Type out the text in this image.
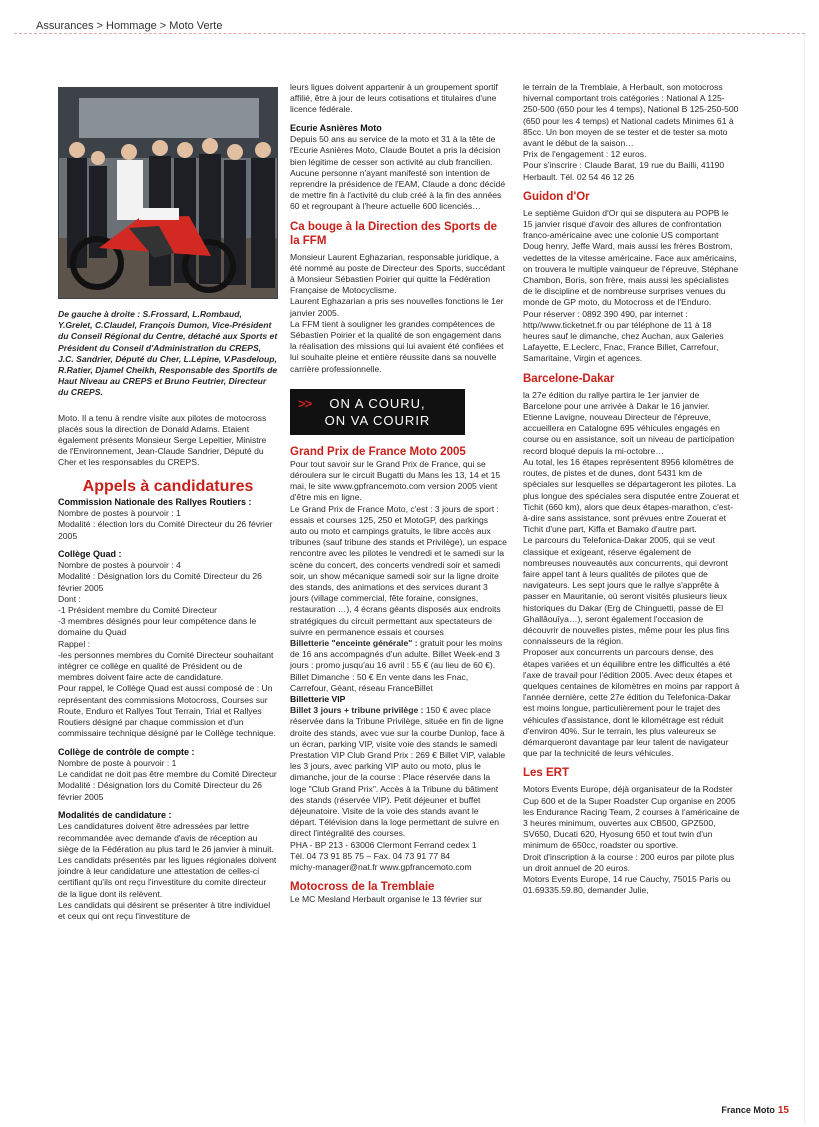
Assurances > Hommage > Moto Verte
De gauche à droite : S.Frossard, L.Rombaud, Y.Grelet, C.Claudel, François Dumon, Vice-Président du Conseil Régional du Centre, détaché aux Sports et Président du Conseil d'Administration du CREPS, J.C. Sandrier, Député du Cher, L.Lépine, V.Pasdeloup, R.Ratier, Djamel Cheikh, Responsable des Sportifs de Haut Niveau au CREPS et Bruno Feutrier, Directeur du CREPS.

Moto. Il a tenu à rendre visite aux pilotes de motocross placés sous la direction de Donald Adams. Etaient également présents Monsieur Serge Lepeltier, Ministre de l'Environnement, Jean-Claude Sandrier, Député du Cher et les responsables du CREPS.

Appels à candidatures
Commission Nationale des Rallyes Routiers :

Nombre de postes à pourvoir : 1

Modalité : élection lors du Comité Directeur du 26 février 2005

Collège Quad :

Nombre de postes à pourvoir : 4

Modalité : Désignation lors du Comité Directeur du 26 février 2005

Dont :

-1 Président membre du Comité Directeur

-3 membres désignés pour leur compétence dans le domaine du Quad

Rappel :

-les personnes membres du Comité Directeur souhaitant intégrer ce collège en qualité de Président ou de membres doivent faire acte de candidature.

Pour rappel, le Collège Quad est aussi composé de : Un représentant des commissions Motocross, Courses sur Route, Enduro et Rallyes Tout Terrain, Trial et Rallyes Routiers désigné par chaque commission et d'un commissaire technique désigné par le Collège technique.

Collège de contrôle de compte :

Nombre de poste à pourvoir : 1

Le candidat ne doit pas être membre du Comité Directeur

Modalité : Désignation lors du Comité Directeur du 26 février 2005

Modalités de candidature :

Les candidatures doivent être adressées par lettre recommandée avec demande d'avis de réception au siège de la Fédération au plus tard le 26 janvier à minuit.

Les candidats présentés par les ligues régionales doivent joindre à leur candidature une attestation de celles-ci certifiant qu'ils ont reçu l'investiture du comite directeur de la ligue dont ils relèvent.

Les candidats qui désirent se présenter à titre individuel et ceux qui ont reçu l'investiture de

leurs ligues doivent appartenir à un groupement sportif affilié, être à jour de leurs cotisations et titulaires d'une licence fédérale.

Ecurie Asnières Moto

Depuis 50 ans au service de la moto et 31 à la tête de l'Ecurie Asnières Moto, Claude Boutet a pris la décision bien légitime de cesser son activité au club francilien.

Aucune personne n'ayant manifesté son intention de reprendre la présidence de l'EAM, Claude a donc décidé de mettre fin à l'activité du club créé à la fin des années 60 et regroupant à l'heure actuelle 600 licenciés…

Ca bouge à la Direction des Sports de la FFM

Monsieur Laurent Eghazarian, responsable juridique, a été nommé au poste de Directeur des Sports, succédant à Monsieur Sébastien Poirier qui quitte la Fédération Française de Motocyclisme.

Laurent Eghazarian a pris ses nouvelles fonctions le 1er janvier 2005.

La FFM tient à souligner les grandes compétences de Sébastien Poirier et la qualité de son engagement dans la réalisation des missions qui lui avaient été confiées et lui souhaite pleine et entière réussite dans sa nouvelle carrière professionnelle.

>>	ON A COURU,
ON VA COURIR
Grand Prix de France Moto 2005

Pour tout savoir sur le Grand Prix de France, qui se déroulera sur le circuit Bugatti du Mans les 13, 14 et 15 mai, le site www.gpfrancemoto.com version 2005 vient d'être mis en ligne.

Le Grand Prix de France Moto, c'est : 3 jours de sport : essais et courses 125, 250 et MotoGP, des parkings auto ou moto et campings gratuits, le libre accès aux tribunes (sauf tribune des stands et Privilège), un espace rencontre avec les pilotes le vendredi et le samedi sur la scène du concert, des concerts vendredi soir et samedi soir, un show mécanique samedi soir sur la ligne droite des stands, des animations et des services durant 3 jours (village commercial, fête foraine, consignes, restauration …), 4 écrans géants disposés aux endroits stratégiques du circuit permettant aux spectateurs de suivre en permanence essais et courses

Billetterie "enceinte générale" : gratuit pour les moins de 16 ans accompagnés d'un adulte. Billet Week-end 3 jours : promo jusqu'au 16 avril : 55 € (au lieu de 60 €). Billet Dimanche : 50 € En vente dans les Fnac, Carrefour, Géant, réseau FranceBillet

Billetterie VIP

Billet 3 jours + tribune privilège : 150 € avec place réservée dans la Tribune Privilège, située en fin de ligne droite des stands, avec vue sur la courbe Dunlop, face à un écran, parking VIP, visite voie des stands le samedi

Prestation VIP Club Grand Prix : 269 € Billet VIP, valable les 3 jours, avec parking VIP auto ou moto, plus le dimanche, jour de la course : Place réservée dans la loge "Club Grand Prix". Accès à la Tribune du bâtiment des stands (réservée VIP). Petit déjeuner et buffet déjeunatoire. Visite de la voie des stands avant le départ. Télévision dans la loge permettant de suivre en direct l'intégralité des courses.

PHA - BP 213 - 63006 Clermont Ferrand cedex 1

Tél. 04 73 91 85 75 – Fax. 04 73 91 77 84

michy-manager@nat.fr www.gpfrancemoto.com

Motocross de la Tremblaie

Le MC Mesland Herbault organise le 13 février sur

le terrain de la Tremblaie, à Herbault, son motocross hivernal comportant trois catégories : National A 125-250-500 (650 pour les 4 temps), National B 125-250-500 (650 pour les 4 temps) et National cadets Minimes 61 à 85cc. Un bon moyen de se tester et de tester sa moto avant le début de la saison…

Prix de l'engagement : 12 euros.

Pour s'inscrire : Claude Barat, 19 rue du Bailli, 41190 Herbault. Tél. 02 54 46 12 26

Guidon d'Or

Le septième Guidon d'Or qui se disputera au POPB le 15 janvier risque d'avoir des allures de confrontation franco-américaine avec une colonie US comportant Doug henry, Jeffe Ward, mais aussi les frères Bostrom, vedettes de la vitesse américaine. Face aux américains, on trouvera le multiple vainqueur de l'épreuve, Stéphane Chambon, Boris, son frère, mais aussi les spécialistes de le discipline et de nombreuse surprises venues du monde de GP moto, du Motocross et de l'Enduro.

Pour réserver : 0892 390 490, par internet : http//www.ticketnet.fr ou par téléphone de 11 à 18 heures sauf le dimanche, chez Auchan, aux Galeries Lafayette, E.Leclerc, Fnac, France Billet, Carrefour, Samaritaine, Virgin et agences.

Barcelone-Dakar

la 27e édition du rallye partira le 1er janvier de Barcelone pour une arrivée à Dakar le 16 janvier. Etienne Lavigne, nouveau Directeur de l'épreuve, accueillera en Catalogne 695 véhicules engagés en course ou en assistance, soit un niveau de participation record bloqué depuis la mi-octobre…

Au total, les 16 étapes représentent 8956 kilomètres de routes, de pistes et de dunes, dont 5431 km de spéciales sur lesquelles se départageront les pilotes. La plus longue des spéciales sera disputée entre Zouerat et Tichit (660 km), alors que deux étapes-marathon, c'est-à-dire sans assistance, sont prévues entre Zouerat et Tichit d'une part, Kiffa et Bamako d'autre part.

Le parcours du Telefonica-Dakar 2005, qui se veut classique et exigeant, réserve également de nombreuses nouveautés aux concurrents, qui devront faire appel tant à leurs qualités de pilotes que de navigateurs. Les sept jours que le rallye s'apprête à passer en Mauritanie, où seront visités plusieurs lieux historiques du Dakar (Erg de Chinguetti, passe de El Ghallâouîya…), seront également l'occasion de découvrir de nouvelles pistes, même pour les plus fins connaisseurs de la région.

Proposer aux concurrents un parcours dense, des étapes variées et un équilibre entre les difficultés a été l'axe de travail pour l'édition 2005. Avec deux étapes et quelques centaines de kilomètres en moins par rapport à l'année dernière, cette 27e édition du Telefonica-Dakar est moins longue, particulièrement pour le trajet des véhicules d'assistance, dont le kilométrage est réduit d'environ 40%. Sur le terrain, les plus valeureux se démarqueront davantage par leur talent de navigateur que par la technicité de leurs véhicules.

Les ERT

Motors Events Europe, déjà organisateur de la Rodster Cup 600 et de la Super Roadster Cup organise en 2005 les Endurance Racing Team, 2 courses à l'américaine de 3 heures minimum, ouvertes aux CB500, GPZ500, SV650, Ducati 620, Hyosung 650 et tout twin d'un minimum de 650cc, roadster ou sportive.

Droit d'inscription à la course : 200 euros par pilote plus un droit annuel de 20 euros.

Motors Events Europe, 14 rue Cauchy, 75015 Paris ou 01.69335.59.80, demander Julie,

France Moto 15
